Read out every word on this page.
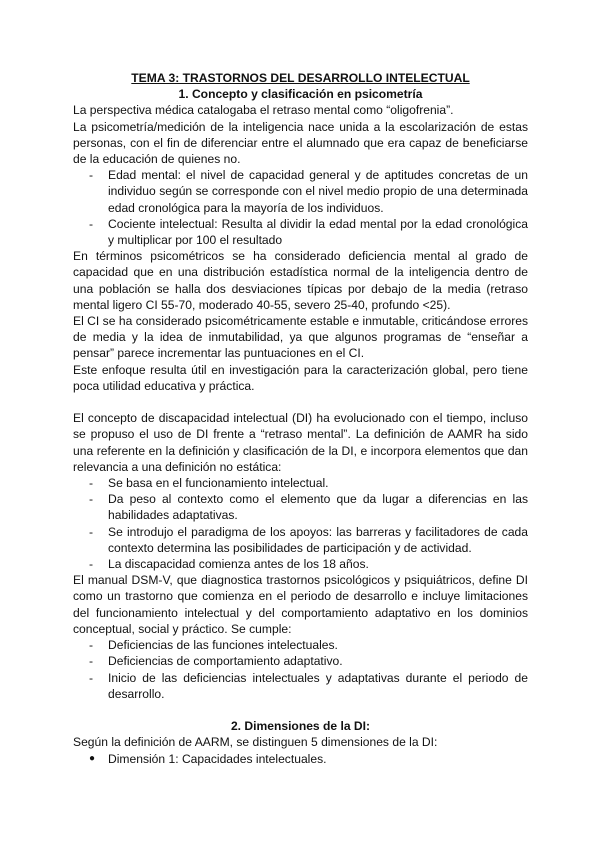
TEMA 3: TRASTORNOS DEL DESARROLLO INTELECTUAL

1. Concepto y clasificación en psicometría

La perspectiva médica catalogaba el retraso mental como “oligofrenia”.

La psicometría/medición de la inteligencia nace unida a la escolarización de estas personas, con el fin de diferenciar entre el alumnado que era capaz de beneficiarse de la educación de quienes no.

- Edad mental: el nivel de capacidad general y de aptitudes concretas de un individuo según se corresponde con el nivel medio propio de una determinada edad cronológica para la mayoría de los individuos.
- Cociente intelectual: Resulta al dividir la edad mental por la edad cronológica y multiplicar por 100 el resultado

En términos psicométricos se ha considerado deficiencia mental al grado de capacidad que en una distribución estadística normal de la inteligencia dentro de una población se halla dos desviaciones típicas por debajo de la media (retraso mental ligero CI 55-70, moderado 40-55, severo 25-40, profundo <25).

El CI se ha considerado psicométricamente estable e inmutable, criticándose errores de media y la idea de inmutabilidad, ya que algunos programas de “enseñar a pensar” parece incrementar las puntuaciones en el CI.

Este enfoque resulta útil en investigación para la caracterización global, pero tiene poca utilidad educativa y práctica.

El concepto de discapacidad intelectual (DI) ha evolucionado con el tiempo, incluso se propuso el uso de DI frente a “retraso mental”. La definición de AAMR ha sido una referente en la definición y clasificación de la DI, e incorpora elementos que dan relevancia a una definición no estática:

- Se basa en el funcionamiento intelectual.
- Da peso al contexto como el elemento que da lugar a diferencias en las habilidades adaptativas.
- Se introdujo el paradigma de los apoyos: las barreras y facilitadores de cada contexto determina las posibilidades de participación y de actividad.
- La discapacidad comienza antes de los 18 años.

El manual DSM-V, que diagnostica trastornos psicológicos y psiquiátricos, define DI como un trastorno que comienza en el periodo de desarrollo e incluye limitaciones del funcionamiento intelectual y del comportamiento adaptativo en los dominios conceptual, social y práctico. Se cumple:

- Deficiencias de las funciones intelectuales.
- Deficiencias de comportamiento adaptativo.
- Inicio de las deficiencias intelectuales y adaptativas durante el periodo de desarrollo.

2. Dimensiones de la DI:

Según la definición de AARM, se distinguen 5 dimensiones de la DI:

● Dimensión 1: Capacidades intelectuales.
